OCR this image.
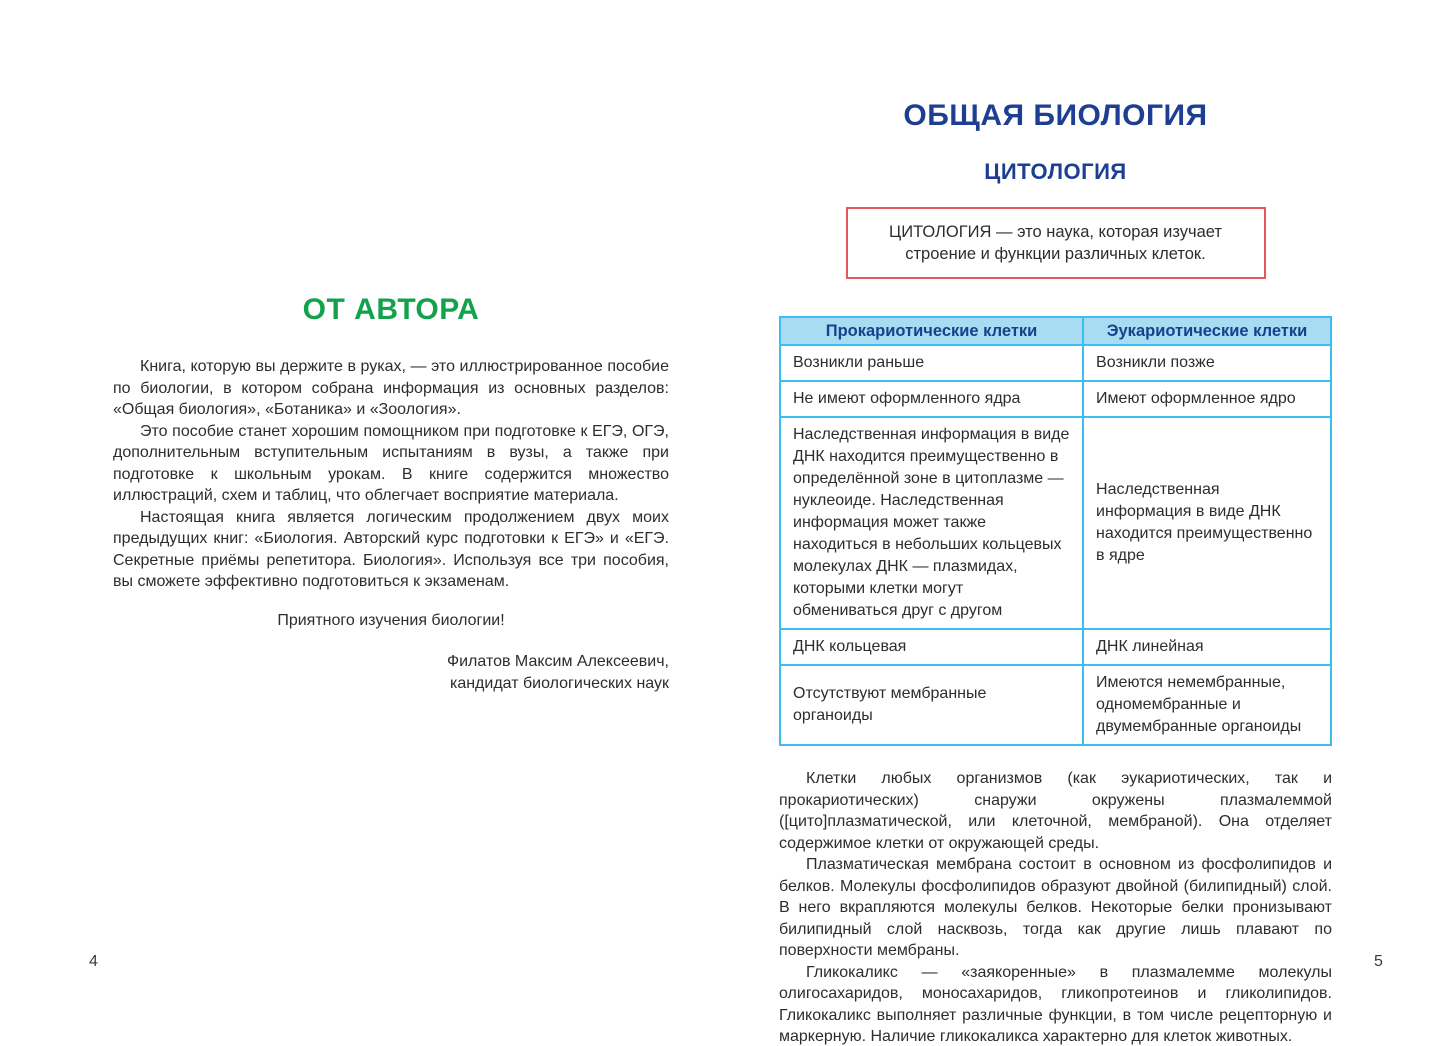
ОТ АВТОРА

Книга, которую вы держите в руках, — это иллюстрированное пособие по биологии, в котором собрана информация из основных разделов: «Общая биология», «Ботаника» и «Зоология».

Это пособие станет хорошим помощником при подготовке к ЕГЭ, ОГЭ, дополнительным вступительным испытаниям в вузы, а также при подготовке к школьным урокам. В книге содержится множество иллюстраций, схем и таблиц, что облегчает восприятие материала.

Настоящая книга является логическим продолжением двух моих предыдущих книг: «Биология. Авторский курс подготовки к ЕГЭ» и «ЕГЭ. Секретные приёмы репетитора. Биология». Используя все три пособия, вы сможете эффективно подготовиться к экзаменам.

Приятного изучения биологии!

Филатов Максим Алексеевич,
кандидат биологических наук
ОБЩАЯ БИОЛОГИЯ
ЦИТОЛОГИЯ
ЦИТОЛОГИЯ — это наука, которая изучает строение и функции различных клеток.
Прокариотические клетки	Эукариотические клетки
Возникли раньше	Возникли позже
Не имеют оформленного ядра	Имеют оформленное ядро
Наследственная информация в виде ДНК находится преимущественно в определённой зоне в цитоплазме — нуклеоиде. Наследственная информация может также находиться в небольших кольцевых молекулах ДНК — плазмидах, которыми клетки могут обмениваться друг с другом	Наследственная информация в виде ДНК находится преимущественно в ядре
ДНК кольцевая	ДНК линейная
Отсутствуют мембранные органоиды	Имеются немембранные, одномембранные и двумембранные органоиды

Клетки любых организмов (как эукариотических, так и прокариотических) снаружи окружены плазмалеммой ([цито]плазматической, или клеточной, мембраной). Она отделяет содержимое клетки от окружающей среды.

Плазматическая мембрана состоит в основном из фосфолипидов и белков. Молекулы фосфолипидов образуют двойной (билипидный) слой. В него вкрапляются молекулы белков. Некоторые белки пронизывают билипидный слой насквозь, тогда как другие лишь плавают по поверхности мембраны.

Гликокаликс — «заякоренные» в плазмалемме молекулы олигосахаридов, моносахаридов, гликопротеинов и гликолипидов. Гликокаликс выполняет различные функции, в том числе рецепторную и маркерную. Наличие гликокаликса характерно для клеток животных.

4	5
